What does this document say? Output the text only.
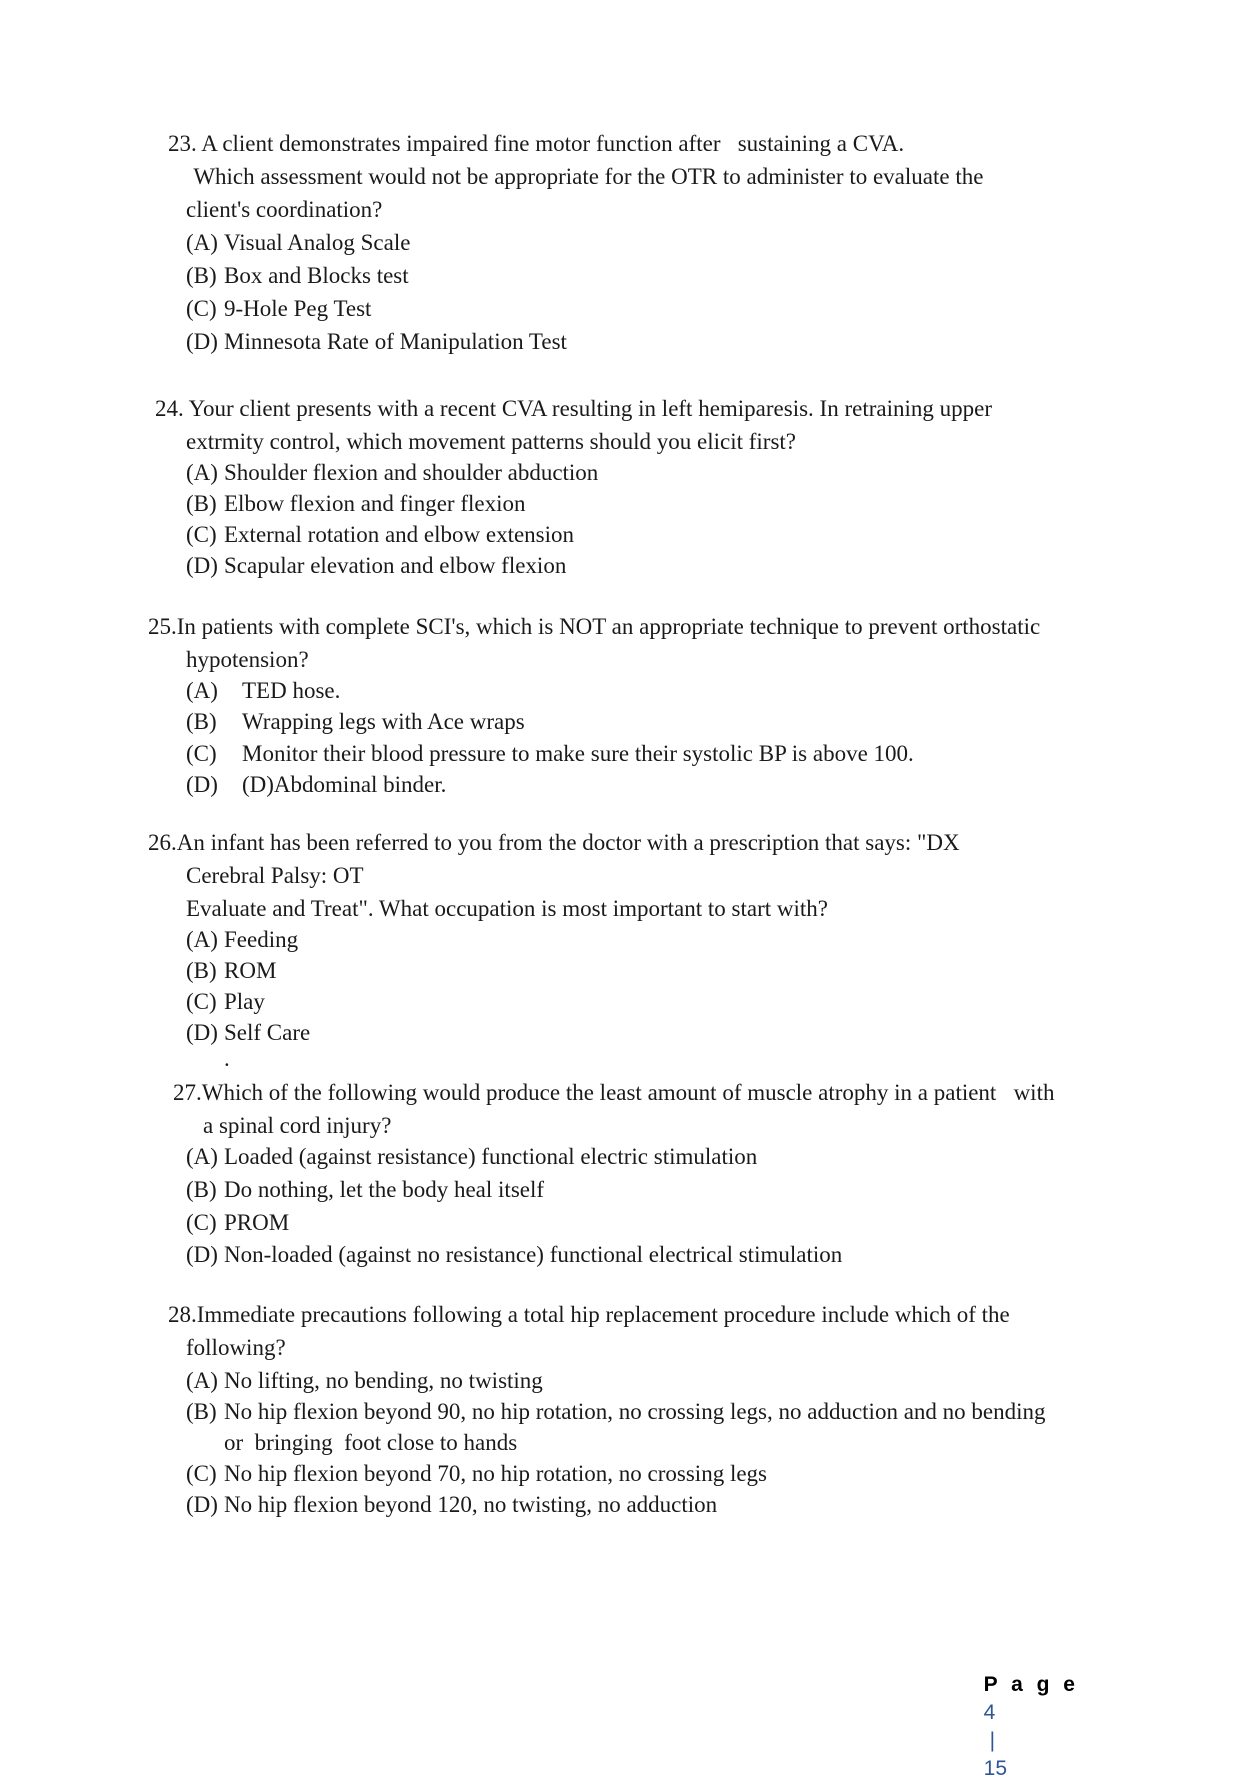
23. A client demonstrates impaired fine motor function after   sustaining a CVA.

Which assessment would not be appropriate for the OTR to administer to evaluate the

client's coordination?

(A) Visual Analog Scale
(B) Box and Blocks test
(C) 9-Hole Peg Test
(D) Minnesota Rate of Manipulation Test

24. Your client presents with a recent CVA resulting in left hemiparesis. In retraining upper

extrmity control, which movement patterns should you elicit first?

(A) Shoulder flexion and shoulder abduction
(B) Elbow flexion and finger flexion
(C) External rotation and elbow extension
(D) Scapular elevation and elbow flexion

25.In patients with complete SCI's, which is NOT an appropriate technique to prevent orthostatic

hypotension?

(A) TED hose.
(B) Wrapping legs with Ace wraps
(C) Monitor their blood pressure to make sure their systolic BP is above 100.
(D) (D)Abdominal binder.

26.An infant has been referred to you from the doctor with a prescription that says: "DX

Cerebral Palsy: OT

Evaluate and Treat". What occupation is most important to start with?

(A) Feeding
(B) ROM
(C) Play
(D) Self Care

.

27.Which of the following would produce the least amount of muscle atrophy in a patient   with

a spinal cord injury?

(A) Loaded (against resistance) functional electric stimulation
(B) Do nothing, let the body heal itself
(C) PROM
(D) Non-loaded (against no resistance) functional electrical stimulation

28.Immediate precautions following a total hip replacement procedure include which of the

following?

(A) No lifting, no bending, no twisting
(B) No hip flexion beyond 90, no hip rotation, no crossing legs, no adduction and no bending
or  bringing  foot close to hands
(C) No hip flexion beyond 70, no hip rotation, no crossing legs
(D) No hip flexion beyond 120, no twisting, no adduction

P a g e
4
|
15
